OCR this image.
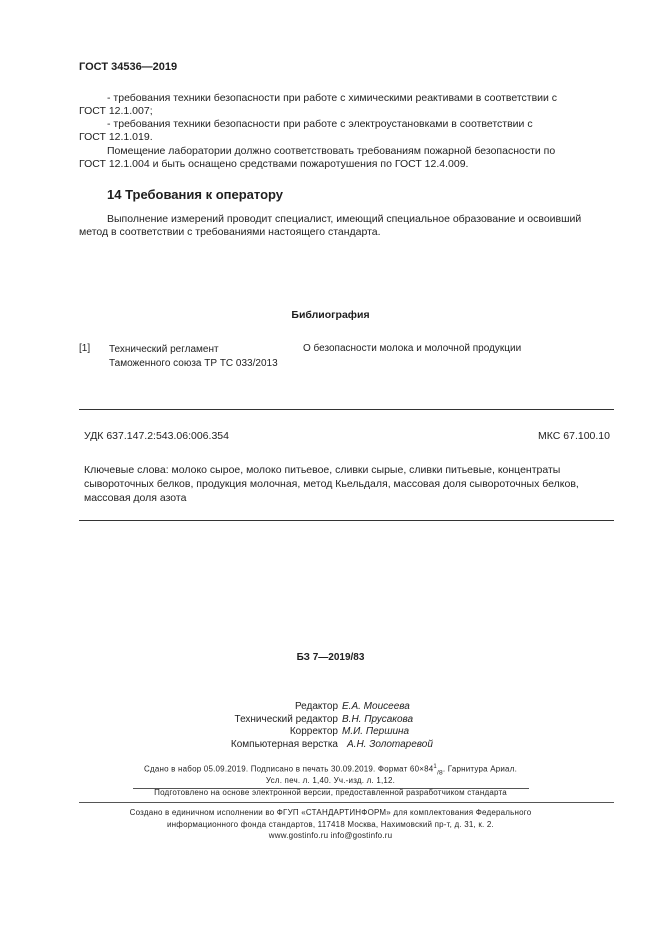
ГОСТ 34536—2019
- требования техники безопасности при работе с химическими реактивами в соответствии с
ГОСТ 12.1.007;
- требования техники безопасности при работе с электроустановками в соответствии с
ГОСТ 12.1.019.
Помещение лаборатории должно соответствовать требованиям пожарной безопасности по
ГОСТ 12.1.004 и быть оснащено средствами пожаротушения по ГОСТ 12.4.009.
14 Требования к оператору
Выполнение измерений проводит специалист, имеющий специальное образование и освоивший
метод в соответствии с требованиями настоящего стандарта.
Библиография
[1] Технический регламент
Таможенного союза ТР ТС 033/2013
О безопасности молока и молочной продукции
УДК 637.147.2:543.06:006.354	МКС 67.100.10
Ключевые слова: молоко сырое, молоко питьевое, сливки сырые, сливки питьевые, концентраты
сывороточных белков, продукция молочная, метод Кьельдаля, массовая доля сывороточных белков,
массовая доля азота
БЗ 7—2019/83
Редактор Е.А. Моисеева
Технический редактор В.Н. Прусакова
Корректор М.И. Першина
Компьютерная верстка А.Н. Золотаревой
Сдано в набор 05.09.2019. Подписано в печать 30.09.2019. Формат $60\times 84^1_{/8}$. Гарнитура Ариал.
Усл. печ. л. 1,40. Уч.-изд. л. 1,12.
Подготовлено на основе электронной версии, предоставленной разработчиком стандарта
Создано в единичном исполнении во ФГУП «СТАНДАРТИНФОРМ» для комплектования Федерального
информационного фонда стандартов, 117418 Москва, Нахимовский пр-т, д. 31, к. 2.
www.gostinfo.ru info@gostinfo.ru
